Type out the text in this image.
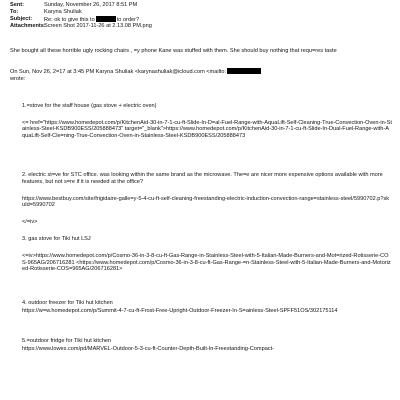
Sent:	Sunday, November 26, 2017 8:51 PM
To:	Karyna Shuliak
Subject:	Re: ok to give this to	to order?
Attachments:
Screen Shot 2017-11-26 at 2.13.08 PM.png

She bought all these horrible ugly rocking chairs , =y phone Kane was stuffed with them. She should buy nothing that requ=res taste

On Sun, Nov 26, 2=17 at 3:45 PM Karyna Shuliak <karynashuliak@icloud.com <mailto:

wrote:

1.=stove for the staff house (gas stove + electric oven)

<= href="https://www.homedepot.com/p/KitchenAid-30-in-7-1-cu-ft-Slide-In-D=al-Fuel-Range-with-AquaLift-Self-Cleaning-True-Convection-Oven-in-Stainless-Steel-KSDB900ESS/205888473" target="_blank">https://www.homedepot.com/p/KitchenAid-30-in-7-1-cu-ft-Slide-In-Dual-Fuel-Range-with-AquaLift-Self-Cle=ning-True-Convection-Oven-in-Stainless-Steel-KSDB900ESS/205888473

2. electric st=ve for STC office. was looking within the same brand as the microwave. The=e are nicer more expensive options available with more features, but not s=re if it is needed at the office?

https://www.bestbuy.com/site/frigidaire-galle=y-5-4-cu-ft-self-cleaning-freestanding-electric-induction-convection-range=stainless-steel/5990702.p?skuId=5990702

</=iv>

3. gas stove for Tiki hut LSJ

<=iv>https://www.homedepot.com/p/Cosmo-36-in-3-8-cu-ft-Gas-Range-in-Stainless-Steel-with-5-Italian-Made-Burners-and-Mot=rized-Rotisserie-COS-965AG/206716281 <https://www.homedepot.com/p/Cosmo-36-in-3-8-cu-ft-Gas-Range-=n-Stainless-Steel-with-5-Italian-Made-Burners-and-Motorized-Rotisserie-COS=965AG/206716281>

4. outdoor freezer for Tiki hut kitchen

https://w=w.homedepot.com/p/Summit-4-7-cu-ft-Frost-Free-Upright-Outdoor-Freezer-In-S=ainless-Steel-SPFF51OS/302175114

5.=outdoor fridge for Tiki hut kitchen

https://www.lowes.com/pd/MARVEL-Outdoor-5-3-cu-ft-Counter-Depth-Built-In-Freestanding-Compact-
